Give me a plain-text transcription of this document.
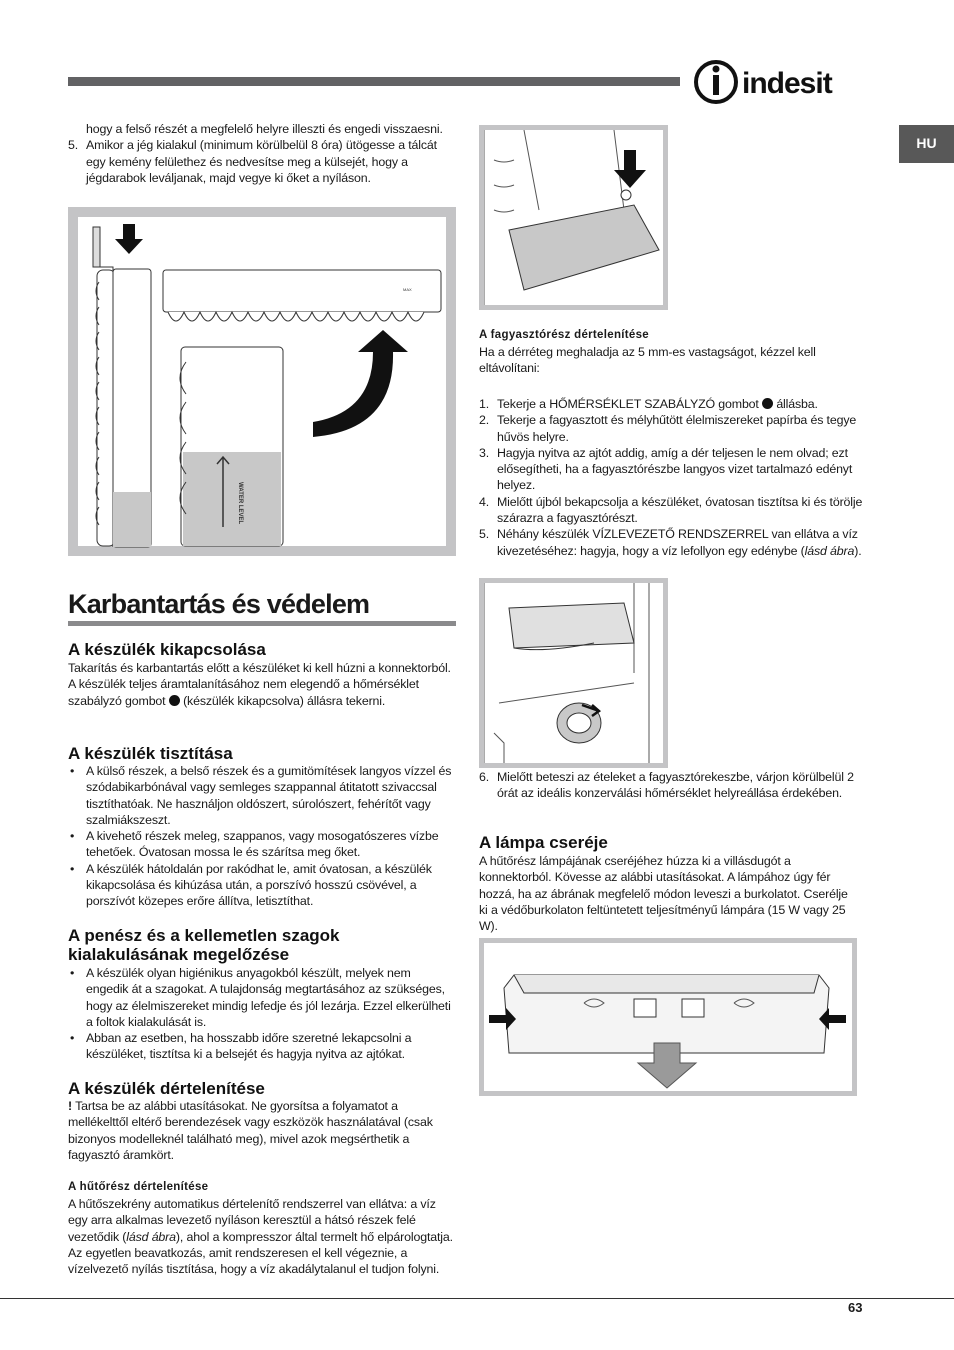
indesit
HU

hogy a felső részét a megfelelő helyre illeszti és engedi visszaesni.

5. Amikor a jég kialakul (minimum körülbelül 8 óra) ütögesse a tálcát egy kemény felülethez és nedvesítse meg a külsejét, hogy a jégdarabok leváljanak, majd vegye ki őket a nyíláson.

MAX
WATER LEVEL
Karbantartás és védelem
A készülék kikapcsolása
Takarítás és karbantartás előtt a készüléket ki kell húzni a konnektorból. A készülék teljes áramtalanításához nem elegendő a hőmérséklet szabályzó gombot (készülék kikapcsolva) állásra tekerni.
A készülék tisztítása

• A külső részek, a belső részek és a gumitömítések langyos vízzel és szódabikarbónával vagy semleges szappannal átitatott szivaccsal tisztíthatóak. Ne használjon oldószert, súrolószert, fehérítőt vagy szalmiákszeszt.

• A kivehető részek meleg, szappanos, vagy mosogatószeres vízbe tehetőek. Óvatosan mossa le és szárítsa meg őket.

• A készülék hátoldalán por rakódhat le, amit óvatosan, a készülék kikapcsolása és kihúzása után, a porszívó hosszú csövével, a porszívót közepes erőre állítva, letisztíthat.

A penész és a kellemetlen szagok kialakulásának megelőzése

• A készülék olyan higiénikus anyagokból készült, melyek nem engedik át a szagokat. A tulajdonság megtartásához az szükséges, hogy az élelmiszereket mindig lefedje és jól lezárja. Ezzel elkerülheti a foltok kialakulását is.

• Abban az esetben, ha hosszabb időre szeretné lekapcsolni a készüléket, tisztítsa ki a belsejét és hagyja nyitva az ajtókat.

A készülék dértelenítése
! Tartsa be az alábbi utasításokat. Ne gyorsítsa a folyamatot a mellékelttől eltérő berendezések vagy eszközök használatával (csak bizonyos modelleknél található meg), mivel azok megsérthetik a fagyasztó áramkört.
A hűtőrész dértelenítése
A hűtőszekrény automatikus dértelenítő rendszerrel van ellátva: a víz egy arra alkalmas levezető nyíláson keresztül a hátsó részek felé vezetődik (lásd ábra), ahol a kompresszor által termelt hő elpárologtatja. Az egyetlen beavatkozás, amit rendszeresen el kell végeznie, a vízelvezető nyílás tisztítása, hogy a víz akadálytalanul el tudjon folyni.
A fagyasztórész dértelenítése
Ha a dérréteg meghaladja az 5 mm-es vastagságot, kézzel kell eltávolítani:

1. Tekerje a HŐMÉRSÉKLET SZABÁLYZÓ gombot állásba.

2. Tekerje a fagyasztott és mélyhűtött élelmiszereket papírba és tegye hűvös helyre.

3. Hagyja nyitva az ajtót addig, amíg a dér teljesen le nem olvad; ezt elősegítheti, ha a fagyasztórészbe langyos vizet tartalmazó edényt helyez.

4. Mielőtt újból bekapcsolja a készüléket, óvatosan tisztítsa ki és törölje szárazra a fagyasztórészt.

5. Néhány készülék VÍZLEVEZETŐ RENDSZERREL van ellátva a víz kivezetéséhez: hagyja, hogy a víz lefollyon egy edénybe (lásd ábra).

6. Mielőtt beteszi az ételeket a fagyasztórekeszbe, várjon körülbelül 2 órát az ideális konzerválási hőmérséklet helyreállása érdekében.

A lámpa cseréje
A hűtőrész lámpájának cseréjéhez húzza ki a villásdugót a konnektorból. Kövesse az alábbi utasításokat. A lámpához úgy fér hozzá, ha az ábrának megfelelő módon leveszi a burkolatot. Cserélje ki a védőburkolaton feltüntetett teljesítményű lámpára (15 W vagy 25 W).
63
